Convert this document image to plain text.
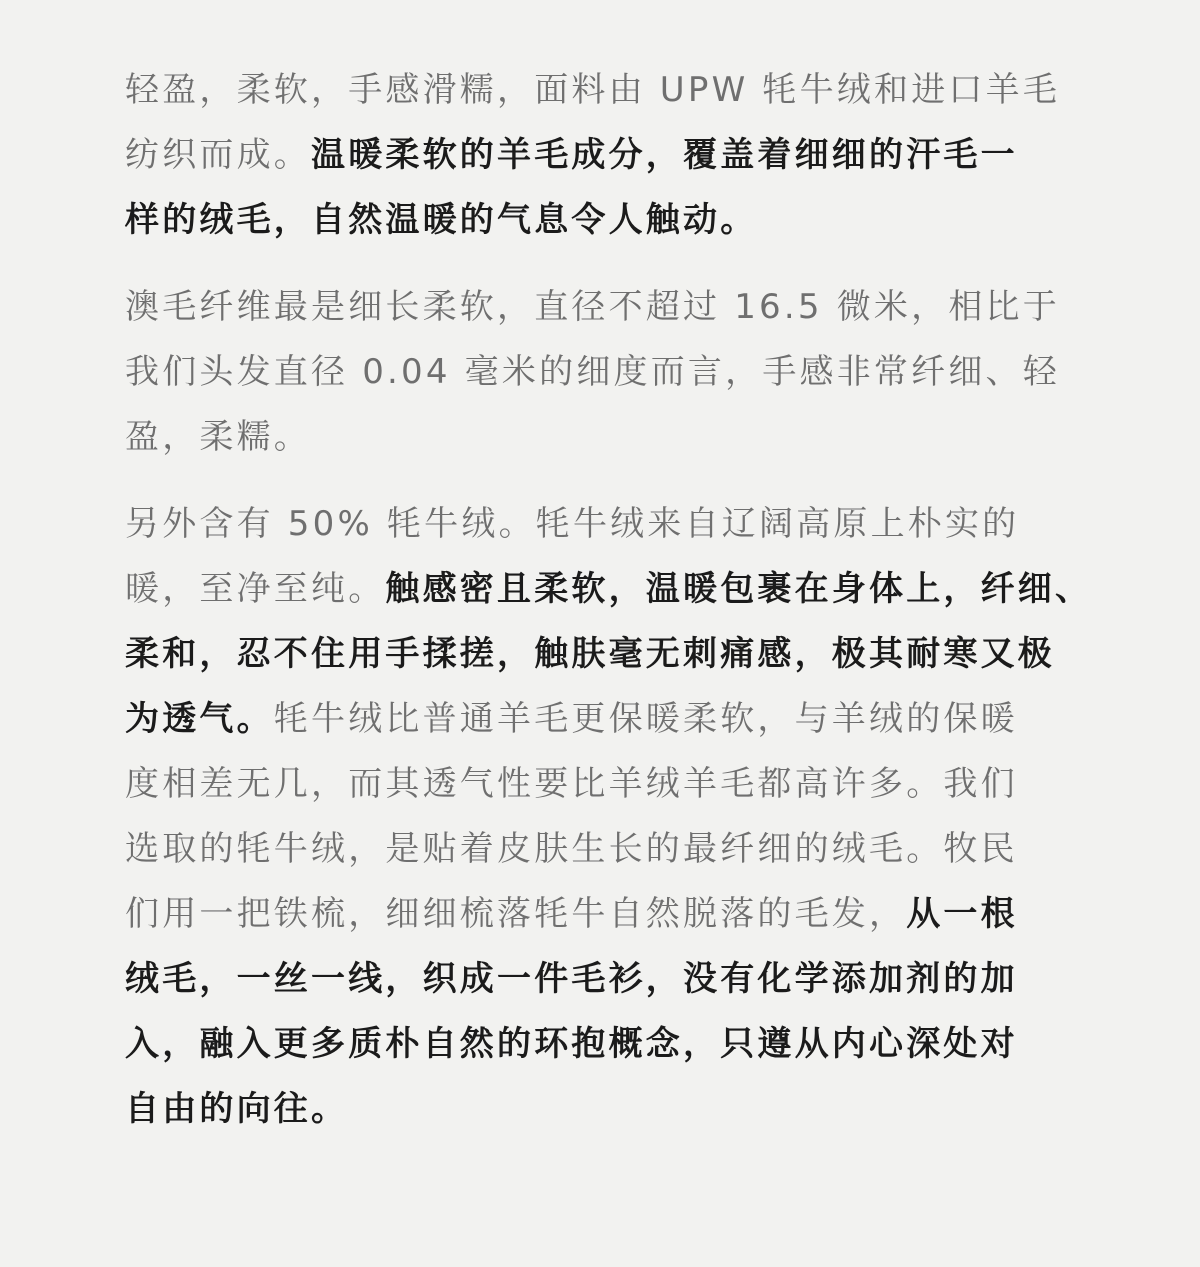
轻盈，柔软，手感滑糯，面料由 UPW 牦牛绒和进口羊毛
纺织而成。温暖柔软的羊毛成分，覆盖着细细的汗毛一
样的绒毛，自然温暖的气息令人触动。

澳毛纤维最是细长柔软，直径不超过 16.5 微米，相比于
我们头发直径 0.04 毫米的细度而言，手感非常纤细、轻
盈，柔糯。

另外含有 50% 牦牛绒。牦牛绒来自辽阔高原上朴实的
暖，至净至纯。触感密且柔软，温暖包裹在身体上，纤细、
柔和，忍不住用手揉搓，触肤毫无刺痛感，极其耐寒又极
为透气。牦牛绒比普通羊毛更保暖柔软，与羊绒的保暖
度相差无几，而其透气性要比羊绒羊毛都高许多。我们
选取的牦牛绒，是贴着皮肤生长的最纤细的绒毛。牧民
们用一把铁梳，细细梳落牦牛自然脱落的毛发，从一根
绒毛，一丝一线，织成一件毛衫，没有化学添加剂的加
入，融入更多质朴自然的环抱概念，只遵从内心深处对
自由的向往。
